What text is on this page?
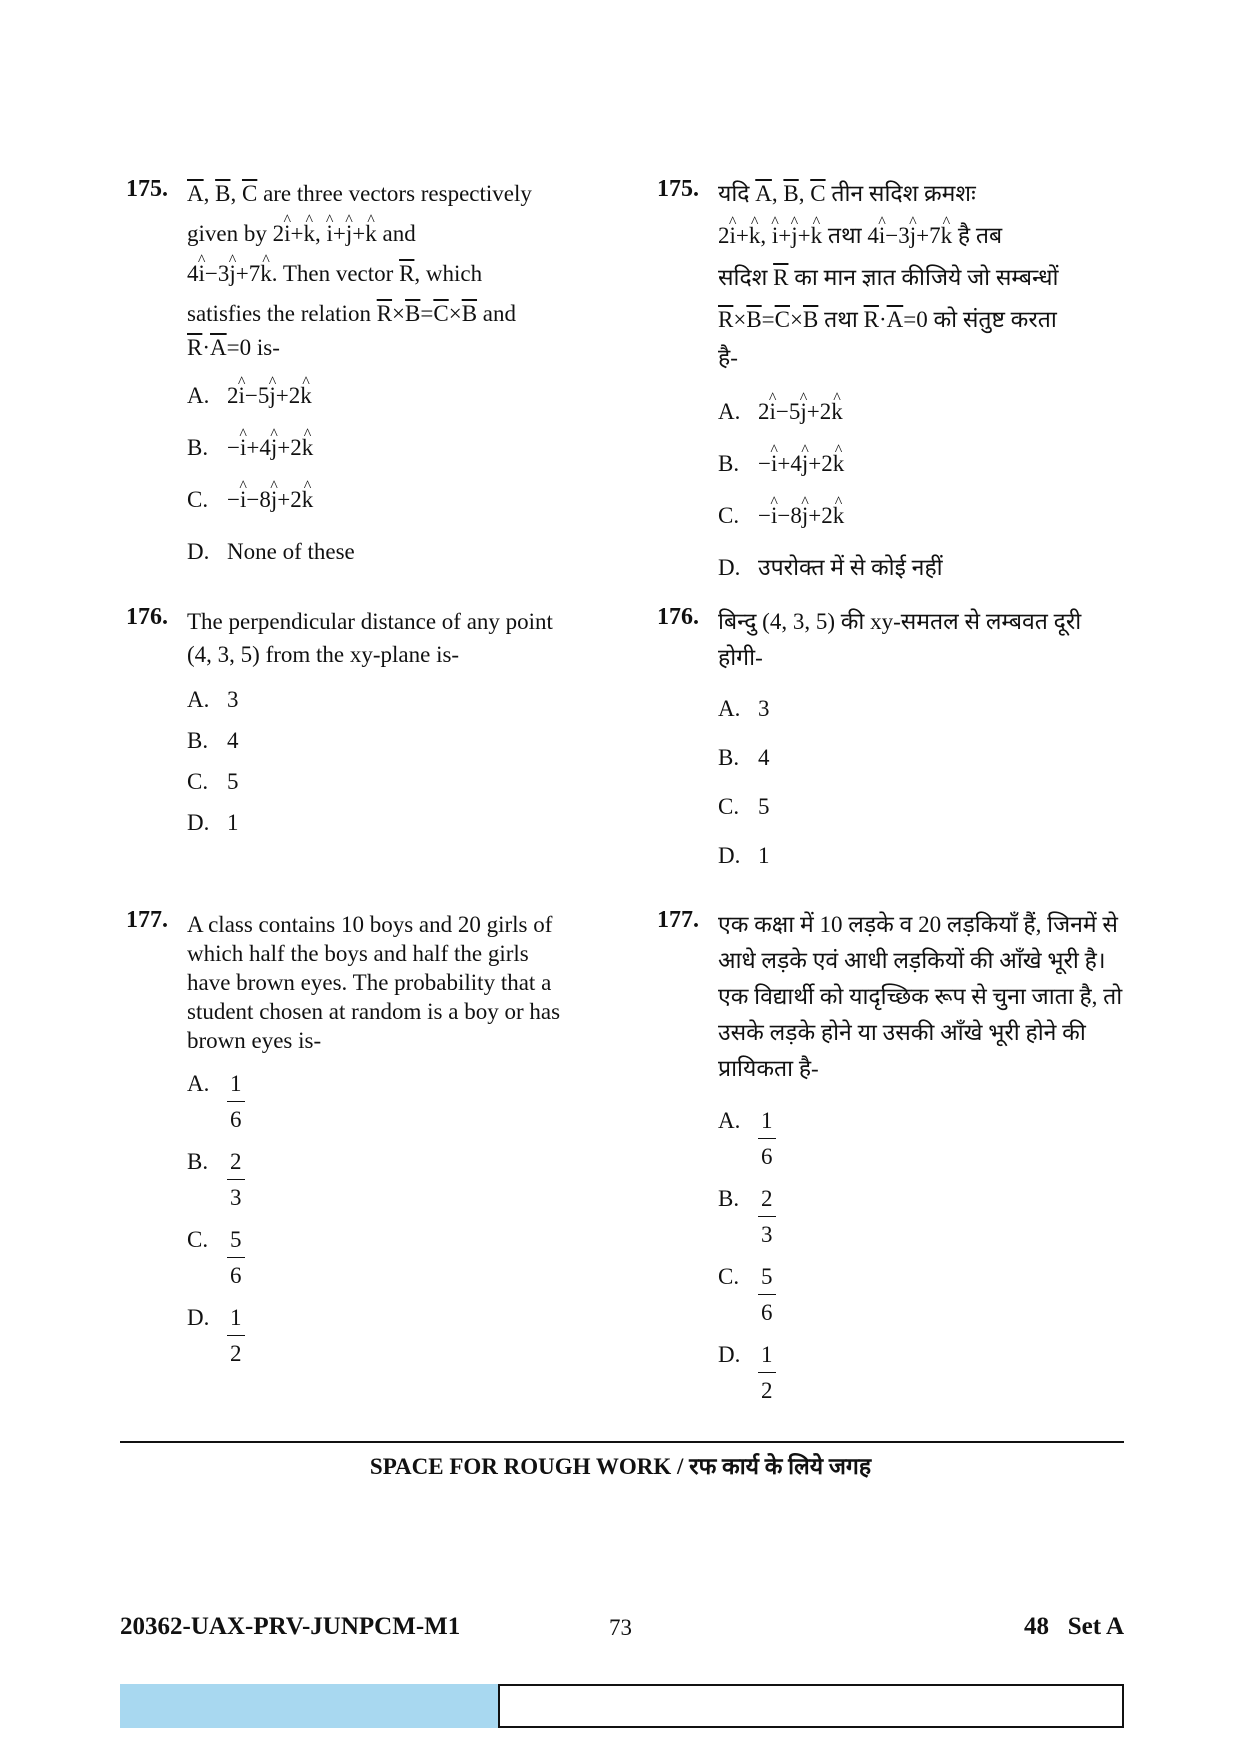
175. $\overline{A}$, $\overline{B}$, $\overline{C}$ are three vectors respectively
given by 2i ^+k ^, i ^+j ^+k ^ and
4i ^−3j ^+7k ^. Then vector $\overline{R}$, which
satisfies the relation $\overline{R}\times\overline{B}=\overline{C}\times\overline{B}$ and
$\overline{R}\cdot\overline{A}=0$ is-
A. 2i ^−5j ^+2k ^
B. −i ^+4j ^+2k ^
C. −i ^−8j ^+2k ^
D. None of these
175. यदि $\overline{A}$, $\overline{B}$, $\overline{C}$ तीन सदिश क्रमशः
2i ^+k ^, i ^+j ^+k ^ तथा 4i ^−3j ^+7k ^ है तब
सदिश $\overline{R}$ का मान ज्ञात कीजिये जो सम्बन्धों
$\overline{R}\times\overline{B}=\overline{C}\times\overline{B}$ तथा $\overline{R}\cdot\overline{A}=0$ को संतुष्ट करता
है-
A. 2i ^−5j ^+2k ^
B. −i ^+4j ^+2k ^
C. −i ^−8j ^+2k ^
D. उपरोक्त में से कोई नहीं
176. The perpendicular distance of any point
(4, 3, 5) from the xy-plane is-
A. 3
B. 4
C. 5
D. 1
176. बिन्दु (4, 3, 5) की xy-समतल से लम्बवत दूरी
होगी-
A. 3
B. 4
C. 5
D. 1
177. A class contains 10 boys and 20 girls of
which half the boys and half the girls
have brown eyes. The probability that a
student chosen at random is a boy or has
brown eyes is-
A. $\frac{1}{6}$
B. $\frac{2}{3}$
C. $\frac{5}{6}$
D. $\frac{1}{2}$
177. एक कक्षा में 10 लड़के व 20 लड़कियाँ हैं, जिनमें से
आधे लड़के एवं आधी लड़कियों की आँखे भूरी है।
एक विद्यार्थी को यादृच्छिक रूप से चुना जाता है, तो
उसके लड़के होने या उसकी आँखे भूरी होने की
प्रायिकता है-
A. $\frac{1}{6}$
B. $\frac{2}{3}$
C. $\frac{5}{6}$
D. $\frac{1}{2}$
SPACE FOR ROUGH WORK / रफ कार्य के लिये जगह
20362-UAX-PRV-JUNPCM-M1	73	48   Set A
